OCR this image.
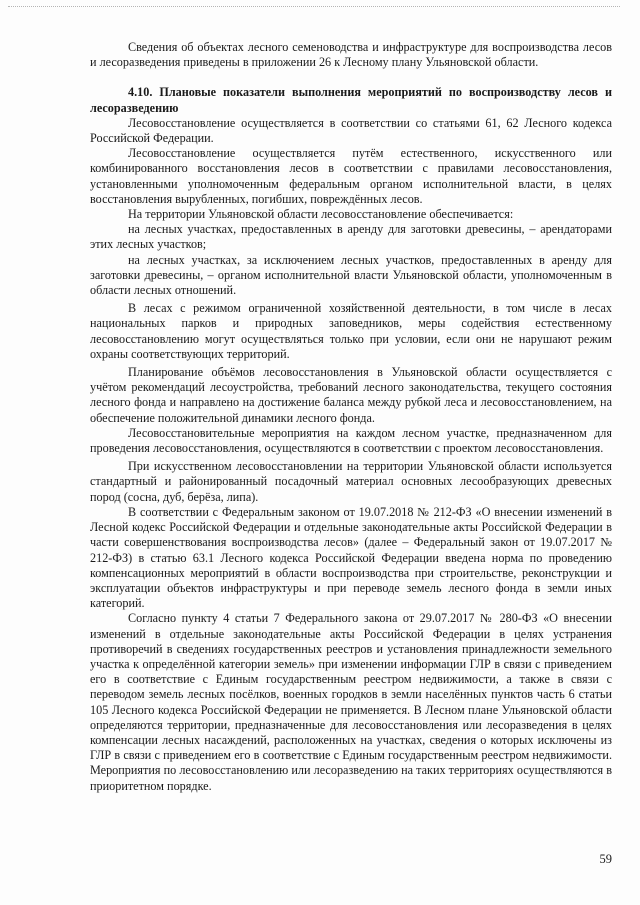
Сведения об объектах лесного семеноводства и инфраструктуре для воспроизводства лесов и лесоразведения приведены в приложении 26 к Лесному плану Ульяновской области.

4.10. Плановые показатели выполнения мероприятий по воспроизводству лесов и лесоразведению

Лесовосстановление осуществляется в соответствии со статьями 61, 62 Лесного кодекса Российской Федерации.

Лесовосстановление осуществляется путём естественного, искусственного или комбинированного восстановления лесов в соответствии с правилами лесовосстановления, установленными уполномоченным федеральным органом исполнительной власти, в целях восстановления вырубленных, погибших, повреждённых лесов.

На территории Ульяновской области лесовосстановление обеспечивается:

на лесных участках, предоставленных в аренду для заготовки древесины, – арендаторами этих лесных участков;

на лесных участках, за исключением лесных участков, предоставленных в аренду для заготовки древесины, – органом исполнительной власти Ульяновской области, уполномоченным в области лесных отношений.

В лесах с режимом ограниченной хозяйственной деятельности, в том числе в лесах национальных парков и природных заповедников, меры содействия естественному лесовосстановлению могут осуществляться только при условии, если они не нарушают режим охраны соответствующих территорий.

Планирование объёмов лесовосстановления в Ульяновской области осуществляется с учётом рекомендаций лесоустройства, требований лесного законодательства, текущего состояния лесного фонда и направлено на достижение баланса между рубкой леса и лесовосстановлением, на обеспечение положительной динамики лесного фонда.

Лесовосстановительные мероприятия на каждом лесном участке, предназначенном для проведения лесовосстановления, осуществляются в соответствии с проектом лесовосстановления.

При искусственном лесовосстановлении на территории Ульяновской области используется стандартный и районированный посадочный материал основных лесообразующих древесных пород (сосна, дуб, берёза, липа).

В соответствии с Федеральным законом от 19.07.2018 № 212-ФЗ «О внесении изменений в Лесной кодекс Российской Федерации и отдельные законодательные акты Российской Федерации в части совершенствования воспроизводства лесов» (далее – Федеральный закон от 19.07.2017 № 212-ФЗ) в статью 63.1 Лесного кодекса Российской Федерации введена норма по проведению компенсационных мероприятий в области воспроизводства при строительстве, реконструкции и эксплуатации объектов инфраструктуры и при переводе земель лесного фонда в земли иных категорий.

Согласно пункту 4 статьи 7 Федерального закона от 29.07.2017 № 280-ФЗ «О внесении изменений в отдельные законодательные акты Российской Федерации в целях устранения противоречий в сведениях государственных реестров и установления принадлежности земельного участка к определённой категории земель» при изменении информации ГЛР в связи с приведением его в соответствие с Единым государственным реестром недвижимости, а также в связи с переводом земель лесных посёлков, военных городков в земли населённых пунктов часть 6 статьи 105 Лесного кодекса Российской Федерации не применяется. В Лесном плане Ульяновской области определяются территории, предназначенные для лесовосстановления или лесоразведения в целях компенсации лесных насаждений, расположенных на участках, сведения о которых исключены из ГЛР в связи с приведением его в соответствие с Единым государственным реестром недвижимости. Мероприятия по лесовосстановлению или лесоразведению на таких территориях осуществляются в приоритетном порядке.

59
